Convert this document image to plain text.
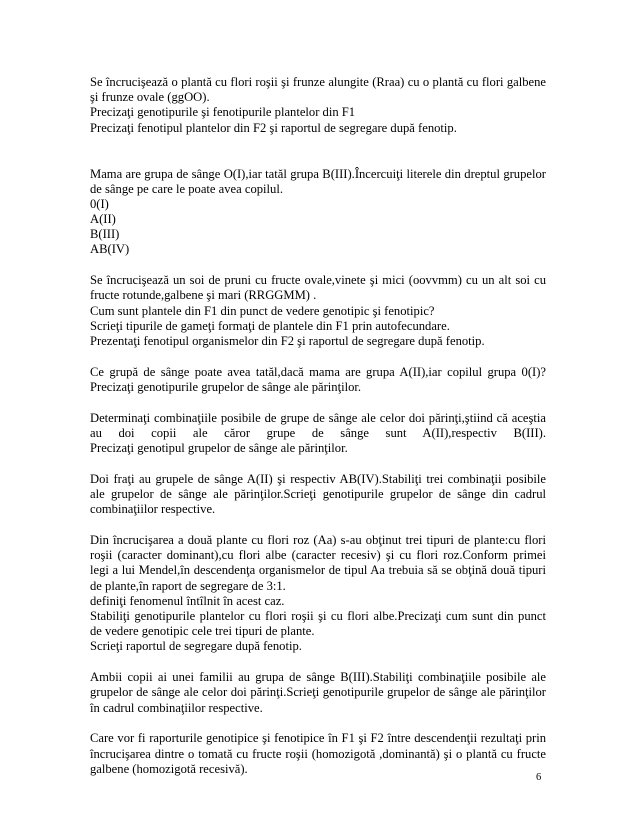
Se încrucişează o plantă cu flori roşii şi frunze alungite (Rraa) cu o plantă cu flori galbene
şi frunze ovale (ggOO).
Precizaţi genotipurile şi fenotipurile plantelor din F1
Precizaţi fenotipul plantelor din F2 şi raportul de segregare după fenotip.
Mama are grupa de sânge O(I),iar tatăl grupa B(III).Încercuiţi literele din dreptul grupelor
de sânge pe care le poate avea copilul.
0(I)
A(II)
B(III)
AB(IV)
Se încrucişează un soi de pruni cu fructe ovale,vinete şi mici (oovvmm) cu un alt soi cu
fructe rotunde,galbene şi mari (RRGGMM) .
Cum sunt plantele din F1 din punct de vedere genotipic şi fenotipic?
Scrieţi tipurile de gameţi formaţi de plantele din F1 prin autofecundare.
Prezentaţi fenotipul organismelor din F2 şi raportul de segregare după fenotip.
Ce grupă de sânge poate avea tatăl,dacă mama are grupa A(II),iar copilul grupa 0(I)?
Precizaţi genotipurile grupelor de sânge ale părinţilor.
Determinaţi combinaţiile posibile de grupe de sânge ale celor doi părinţi,ştiind că aceştia
au doi copii ale căror grupe de sânge sunt A(II),respectiv B(III).
Precizaţi genotipul grupelor de sânge ale părinţilor.
Doi fraţi au grupele de sânge A(II) şi respectiv AB(IV).Stabiliţi trei combinaţii posibile
ale grupelor de sânge ale părinţilor.Scrieţi genotipurile grupelor de sânge din cadrul
combinaţiilor respective.
Din încrucişarea a două plante cu flori roz (Aa) s-au obţinut trei tipuri de plante:cu flori
roşii (caracter dominant),cu flori albe (caracter recesiv) şi cu flori roz.Conform primei
legi a lui Mendel,în descendenţa organismelor de tipul Aa trebuia să se obţină două tipuri
de plante,în raport de segregare de 3:1.
definiţi fenomenul întîlnit în acest caz.
Stabiliţi genotipurile plantelor cu flori roşii şi cu flori albe.Precizaţi cum sunt din punct
de vedere genotipic cele trei tipuri de plante.
Scrieţi raportul de segregare după fenotip.
Ambii copii ai unei familii au grupa de sânge B(III).Stabiliţi combinaţiile posibile ale
grupelor de sânge ale celor doi părinţi.Scrieţi genotipurile grupelor de sânge ale părinţilor
în cadrul combinaţiilor respective.
Care vor fi raporturile genotipice şi fenotipice în F1 şi F2 între descendenţii rezultaţi prin
încrucişarea dintre o tomată cu fructe roşii (homozigotă ,dominantă) şi o plantă cu fructe
galbene (homozigotă recesivă).
6
